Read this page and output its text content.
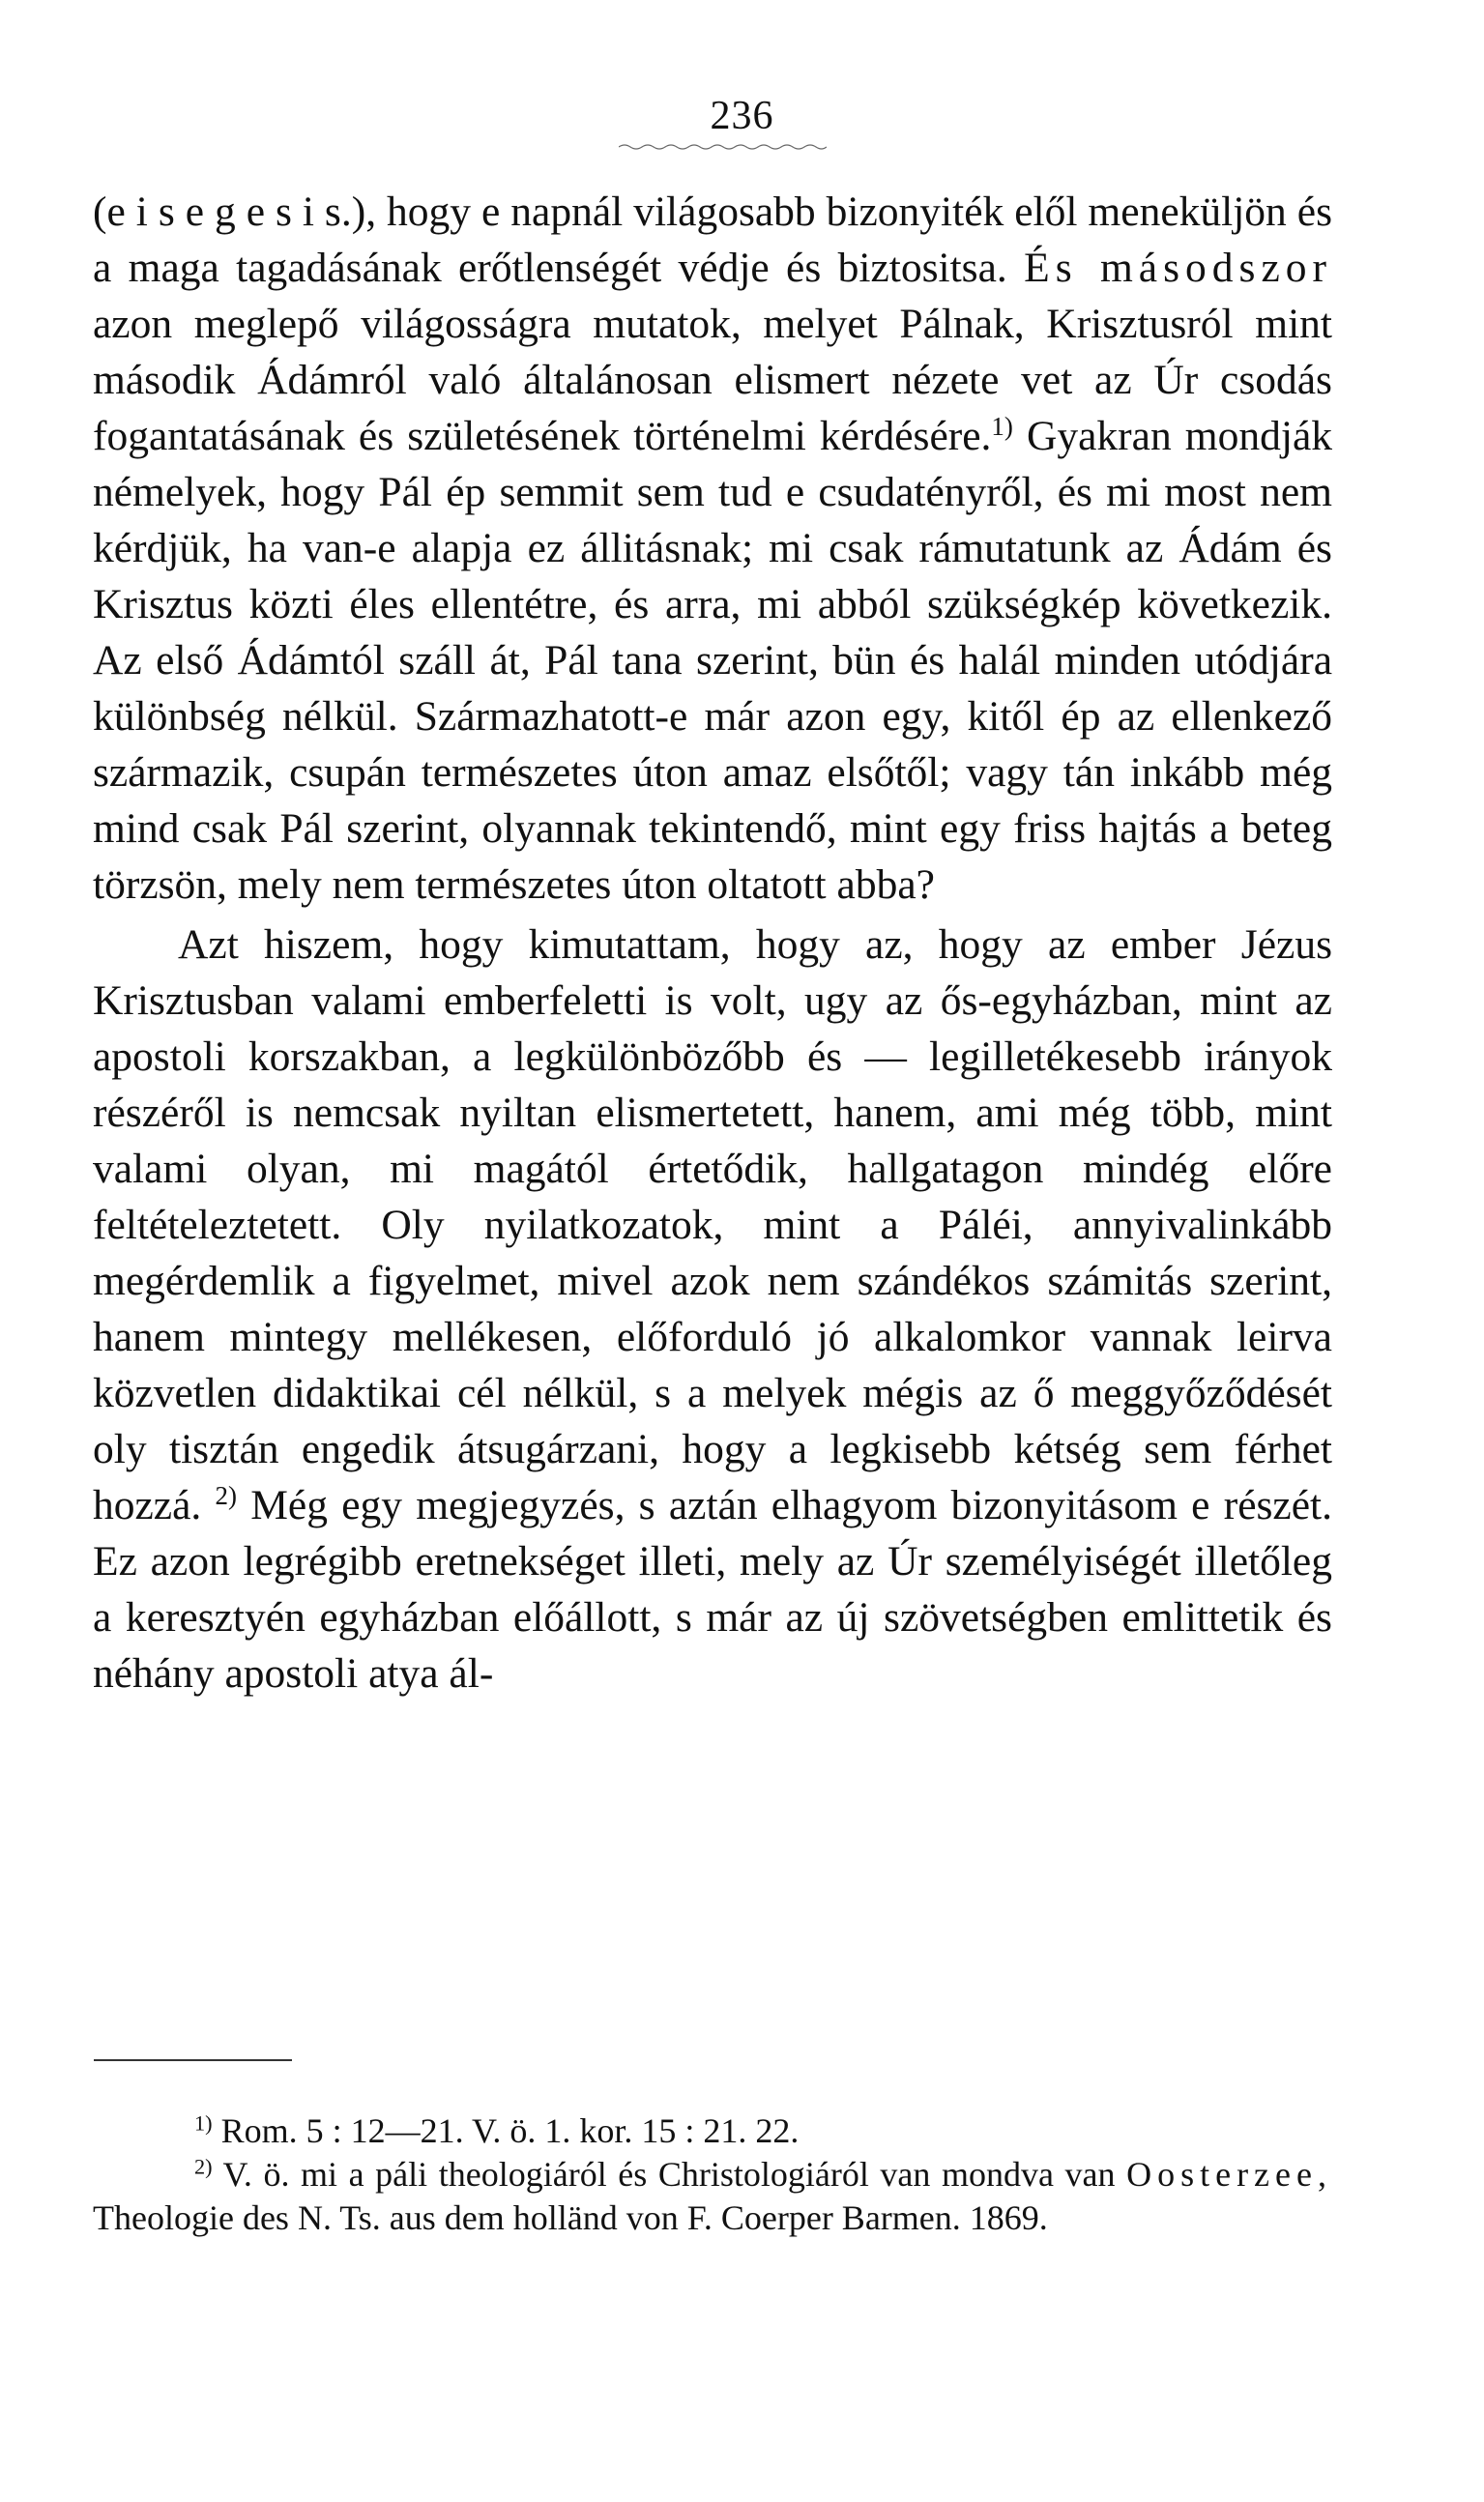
236

(e i s e g e s i s.), hogy e napnál világosabb bizonyiték elől meneküljön és a maga tagadásának erőtlenségét védje és biztositsa. És másodszor azon meglepő világosságra mutatok, melyet Pálnak, Krisztusról mint második Ádámról való általánosan elismert nézete vet az Úr csodás fogantatásának és születésének történelmi kérdésére.$^{1)}$ Gyakran mondják némelyek, hogy Pál ép semmit sem tud e csudatényről, és mi most nem kérdjük, ha van-e alapja ez állitásnak; mi csak rámutatunk az Ádám és Krisztus közti éles ellentétre, és arra, mi abból szükségkép következik. Az első Ádámtól száll át, Pál tana szerint, bün és halál minden utódjára különbség nélkül. Származhatott-e már azon egy, kitől ép az ellenkező származik, csupán természetes úton amaz elsőtől; vagy tán inkább még mind csak Pál szerint, olyannak tekintendő, mint egy friss hajtás a beteg törzsön, mely nem természetes úton oltatott abba?

Azt hiszem, hogy kimutattam, hogy az, hogy az ember Jézus Krisztusban valami emberfeletti is volt, ugy az ős-egyházban, mint az apostoli korszakban, a legkülönbözőbb és — legilletékesebb irányok részéről is nemcsak nyiltan elismertetett, hanem, ami még több, mint valami olyan, mi magától értetődik, hallgatagon mindég előre feltételeztetett. Oly nyilatkozatok, mint a Páléi, annyivalinkább megérdemlik a figyelmet, mivel azok nem szándékos számitás szerint, hanem mintegy mellékesen, előforduló jó alkalomkor vannak leirva közvetlen didaktikai cél nélkül, s a melyek mégis az ő meggyőződését oly tisztán engedik átsugárzani, hogy a legkisebb kétség sem férhet hozzá. $^{2)}$ Még egy megjegyzés, s aztán elhagyom bizonyitásom e részét. Ez azon legrégibb eretnekséget illeti, mely az Úr személyiségét illetőleg a keresztyén egyházban előállott, s már az új szövetségben emlittetik és néhány apostoli atya ál-

$^{1)}$ Rom. 5 : 12—21. V. ö. 1. kor. 15 : 21. 22.

$^{2)}$ V. ö. mi a páli theologiáról és Christologiáról van mondva van Oosterzee, Theologie des N. Ts. aus dem holländ von F. Coerper Barmen. 1869.
